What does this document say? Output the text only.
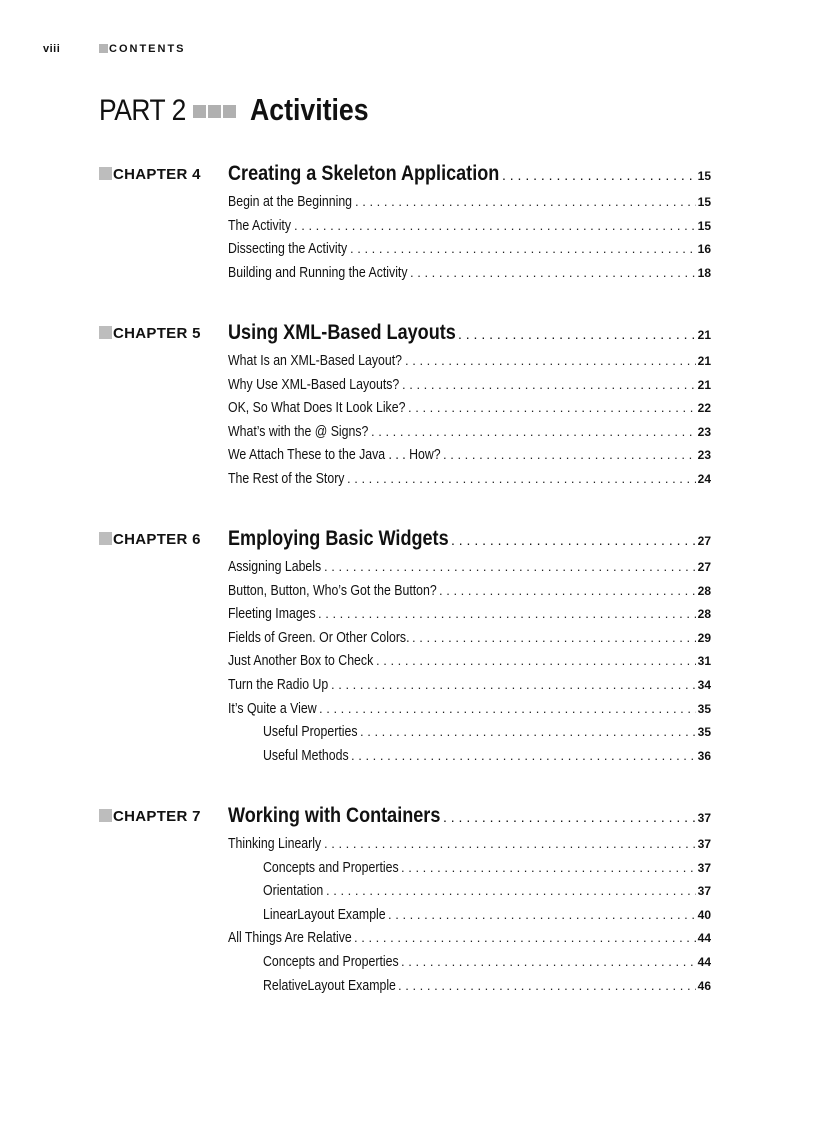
viii	CONTENTS
PART 2 Activities
CHAPTER 4 Creating a Skeleton Application . . .	15
Begin at the Beginning . . .	15
The Activity . . .	15
Dissecting the Activity . . .	16
Building and Running the Activity . . .	18
CHAPTER 5 Using XML-Based Layouts . . .	21
What Is an XML-Based Layout? . . .	21
Why Use XML-Based Layouts? . . .	21
OK, So What Does It Look Like? . . .	22
What’s with the @ Signs? . . .	23
We Attach These to the Java . . . How? . . .	23
The Rest of the Story . . .	24
CHAPTER 6 Employing Basic Widgets . . .	27
Assigning Labels . . .	27
Button, Button, Who’s Got the Button? . . .	28
Fleeting Images . . .	28
Fields of Green. Or Other Colors. . . .	29
Just Another Box to Check . . .	31
Turn the Radio Up . . .	34
It’s Quite a View . . .	35
Useful Properties . . .	35
Useful Methods . . .	36
CHAPTER 7 Working with Containers . . .	37
Thinking Linearly . . .	37
Concepts and Properties . . .	37
Orientation . . .	37
LinearLayout Example . . .	40
All Things Are Relative . . .	44
Concepts and Properties . . .	44
RelativeLayout Example . . .	46
